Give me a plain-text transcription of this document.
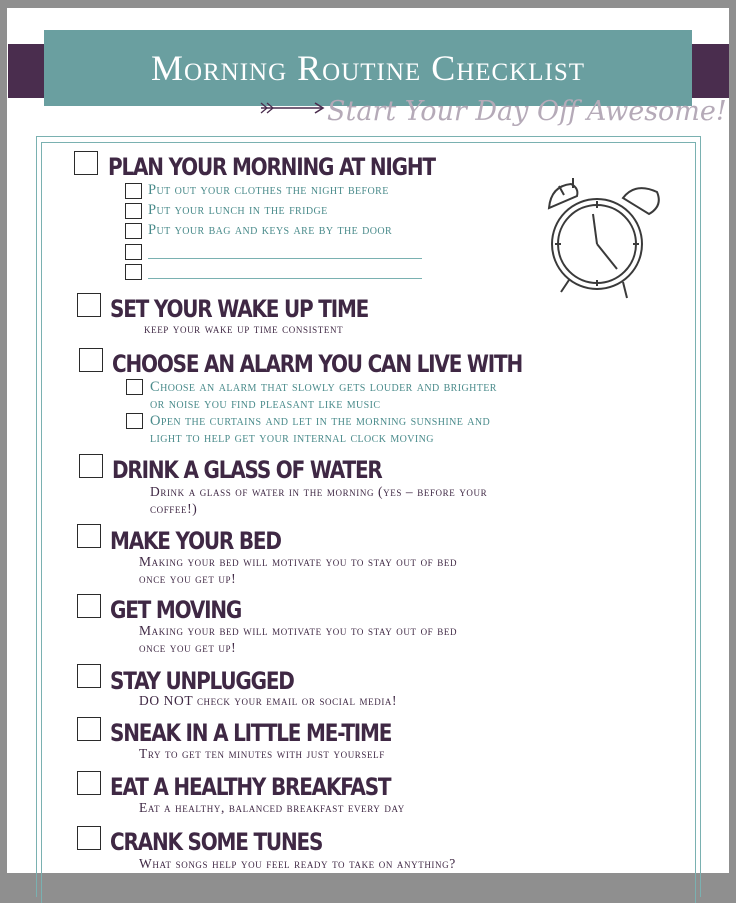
Morning Routine Checklist
Start Your Day Off Awesome!
PLAN YOUR MORNING AT NIGHT
Put out your clothes the night before
Put your lunch in the fridge
Put your bag and keys are by the door
SET YOUR WAKE UP TIME
keep your wake up time consistent
CHOOSE AN ALARM YOU CAN LIVE WITH
Choose an alarm that slowly gets louder and brighter
or noise you find pleasant like music
Open the curtains and let in the morning sunshine and
light to help get your internal clock moving
DRINK A GLASS OF WATER
Drink a glass of water in the morning (yes – before your
coffee!)
MAKE YOUR BED
Making your bed will motivate you to stay out of bed
once you get up!
GET MOVING
Making your bed will motivate you to stay out of bed
once you get up!
STAY UNPLUGGED
DO NOT check your email or social media!
SNEAK IN A LITTLE ME-TIME
Try to get ten minutes with just yourself
EAT A HEALTHY BREAKFAST
Eat a healthy, balanced breakfast every day
CRANK SOME TUNES
What songs help you feel ready to take on anything?
